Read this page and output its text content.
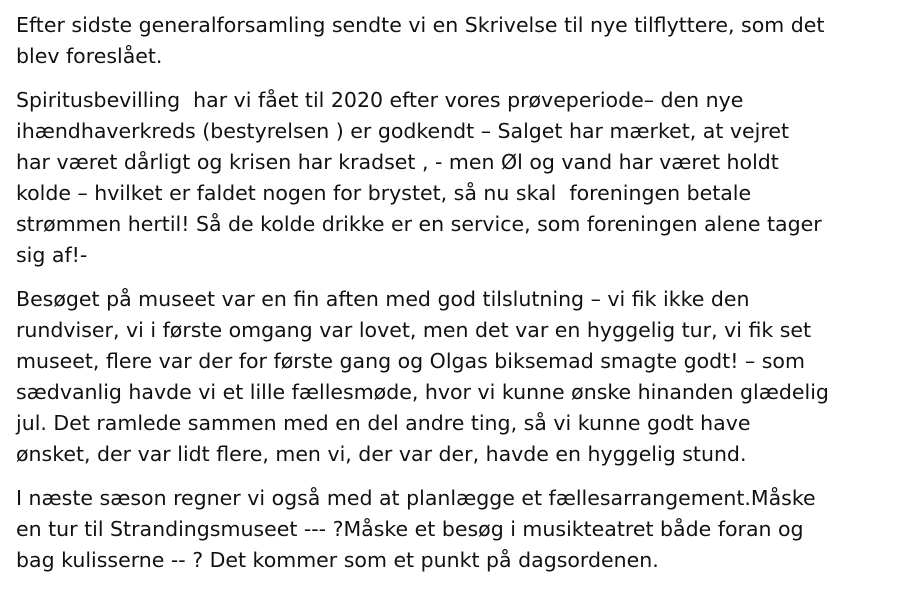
Efter sidste generalforsamling sendte vi en Skrivelse til nye tilflyttere, som det
blev foreslået.
Spiritusbevilling  har vi fået til 2020 efter vores prøveperiode– den nye
ihændhaverkreds (bestyrelsen ) er godkendt – Salget har mærket, at vejret
har været dårligt og krisen har kradset , - men Øl og vand har været holdt
kolde – hvilket er faldet nogen for brystet, så nu skal  foreningen betale
strømmen hertil! Så de kolde drikke er en service, som foreningen alene tager
sig af!-
Besøget på museet var en fin aften med god tilslutning – vi fik ikke den
rundviser, vi i første omgang var lovet, men det var en hyggelig tur, vi fik set
museet, flere var der for første gang og Olgas biksemad smagte godt! – som
sædvanlig havde vi et lille fællesmøde, hvor vi kunne ønske hinanden glædelig
jul. Det ramlede sammen med en del andre ting, så vi kunne godt have
ønsket, der var lidt flere, men vi, der var der, havde en hyggelig stund.
I næste sæson regner vi også med at planlægge et fællesarrangement.Måske
en tur til Strandingsmuseet --- ?Måske et besøg i musikteatret både foran og
bag kulisserne -- ? Det kommer som et punkt på dagsordenen.
